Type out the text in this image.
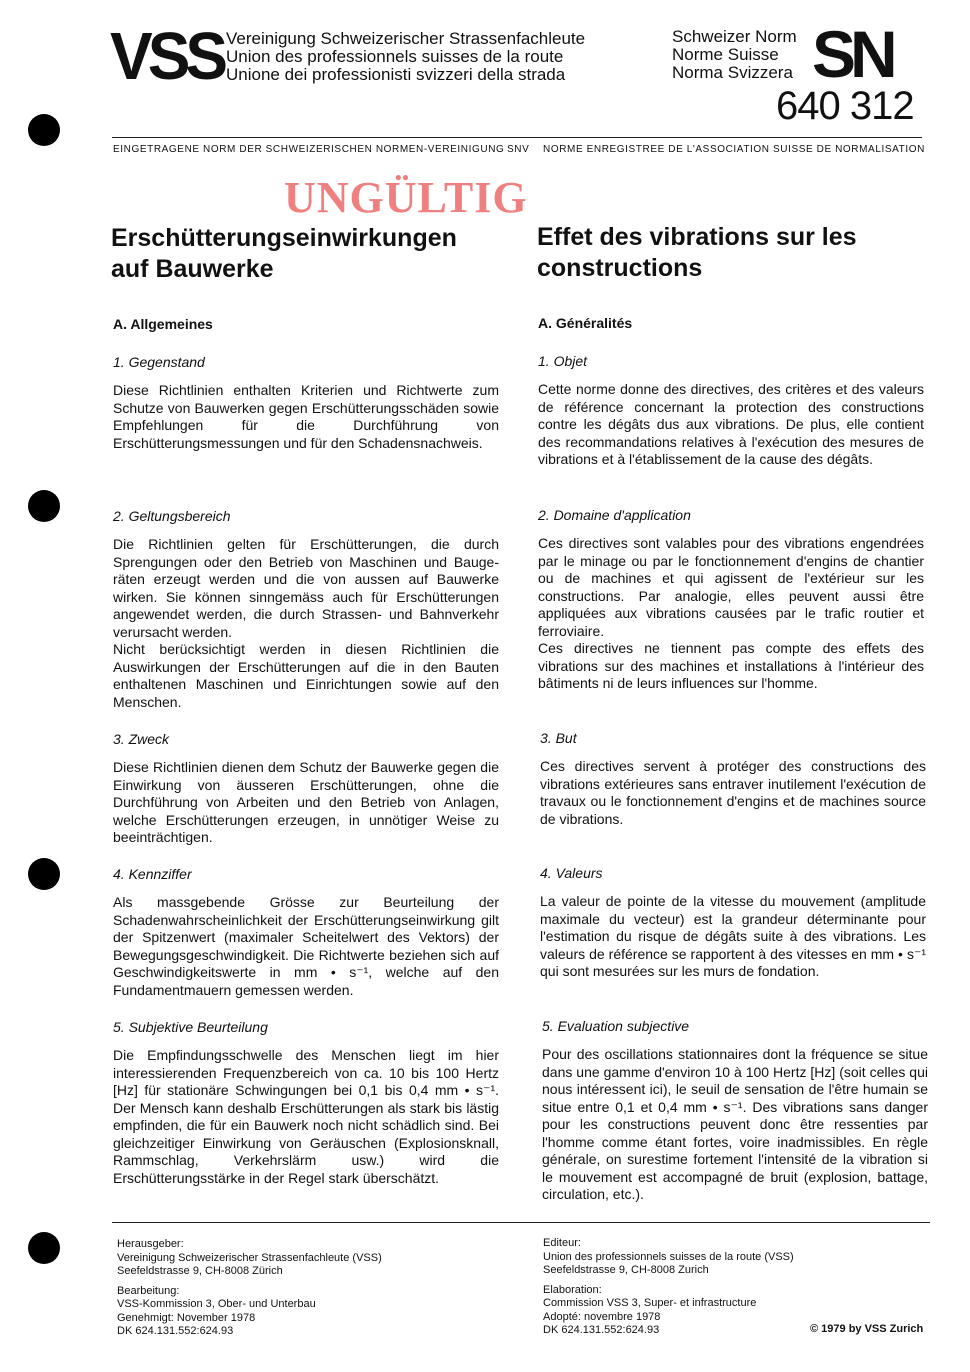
VSS Vereinigung Schweizerischer Strassenfachleute
Union des professionnels suisses de la route
Unione dei professionisti svizzeri della strada
Schweizer Norm
Norme Suisse
Norma Svizzera SN
640 312
EINGETRAGENE NORM DER SCHWEIZERISCHEN NORMEN-VEREINIGUNG SNV NORME ENREGISTREE DE L'ASSOCIATION SUISSE DE NORMALISATION
UNGÜLTIG
Erschütterungseinwirkungen
auf Bauwerke
A. Allgemeines
1. Gegenstand

Diese Richtlinien enthalten Kriterien und Richtwerte zum Schutze von Bauwerken gegen Erschütterungsschäden sowie Empfehlungen für die Durchführung von Erschütterungsmessungen und für den Schadensnachweis.

2. Geltungsbereich

Die Richtlinien gelten für Erschütterungen, die durch Sprengungen oder den Betrieb von Maschinen und Baugeräten erzeugt werden und die von aussen auf Bauwerke wirken. Sie können sinngemäss auch für Erschütterungen angewendet werden, die durch Strassen- und Bahnverkehr verursacht werden.

Nicht berücksichtigt werden in diesen Richtlinien die Auswirkungen der Erschütterungen auf die in den Bauten enthaltenen Maschinen und Einrichtungen sowie auf den Menschen.

3. Zweck

Diese Richtlinien dienen dem Schutz der Bauwerke gegen die Einwirkung von äusseren Erschütterungen, ohne die Durchführung von Arbeiten und den Betrieb von Anlagen, welche Erschütterungen erzeugen, in unnötiger Weise zu beeinträchtigen.

4. Kennziffer

Als massgebende Grösse zur Beurteilung der Schadenwahrscheinlichkeit der Erschütterungseinwirkung gilt der Spitzenwert (maximaler Scheitelwert des Vektors) der Bewegungsgeschwindigkeit. Die Richtwerte beziehen sich auf Geschwindigkeitswerte in mm • s⁻¹, welche auf den Fundamentmauern gemessen werden.

5. Subjektive Beurteilung

Die Empfindungsschwelle des Menschen liegt im hier interessierenden Frequenzbereich von ca. 10 bis 100 Hertz [Hz] für stationäre Schwingungen bei 0,1 bis 0,4 mm • s⁻¹. Der Mensch kann deshalb Erschütterungen als stark bis lästig empfinden, die für ein Bauwerk noch nicht schädlich sind. Bei gleichzeitiger Einwirkung von Geräuschen (Explosionsknall, Rammschlag, Verkehrslärm usw.) wird die Erschütterungsstärke in der Regel stark überschätzt.

Effet des vibrations sur les
constructions
A. Généralités
1. Objet

Cette norme donne des directives, des critères et des valeurs de référence concernant la protection des constructions contre les dégâts dus aux vibrations. De plus, elle contient des recommandations relatives à l'exécution des mesures de vibrations et à l'établissement de la cause des dégâts.

2. Domaine d'application

Ces directives sont valables pour des vibrations engendrées par le minage ou par le fonctionnement d'engins de chantier ou de machines et qui agissent de l'extérieur sur les constructions. Par analogie, elles peuvent aussi être appliquées aux vibrations causées par le trafic routier et ferroviaire.

Ces directives ne tiennent pas compte des effets des vibrations sur des machines et installations à l'intérieur des bâtiments ni de leurs influences sur l'homme.

3. But

Ces directives servent à protéger des constructions des vibrations extérieures sans entraver inutilement l'exécution de travaux ou le fonctionnement d'engins et de machines source de vibrations.

4. Valeurs

La valeur de pointe de la vitesse du mouvement (amplitude maximale du vecteur) est la grandeur déterminante pour l'estimation du risque de dégâts suite à des vibrations. Les valeurs de référence se rapportent à des vitesses en mm • s⁻¹ qui sont mesurées sur les murs de fondation.

5. Evaluation subjective

Pour des oscillations stationnaires dont la fréquence se situe dans une gamme d'environ 10 à 100 Hertz [Hz] (soit celles qui nous intéressent ici), le seuil de sensation de l'être humain se situe entre 0,1 et 0,4 mm • s⁻¹. Des vibrations sans danger pour les constructions peuvent donc être ressenties par l'homme comme étant fortes, voire inadmissibles. En règle générale, on surestime fortement l'intensité de la vibration si le mouvement est accompagné de bruit (explosion, battage, circulation, etc.).

Herausgeber:
Vereinigung Schweizerischer Strassenfachleute (VSS)
Seefeldstrasse 9, CH-8008 Zürich
Bearbeitung:
VSS-Kommission 3, Ober- und Unterbau
Genehmigt: November 1978
DK 624.131.552:624.93
Editeur:
Union des professionnels suisses de la route (VSS)
Seefeldstrasse 9, CH-8008 Zurich
Elaboration:
Commission VSS 3, Super- et infrastructure
Adopté: novembre 1978
DK 624.131.552:624.93	© 1979 by VSS Zurich
